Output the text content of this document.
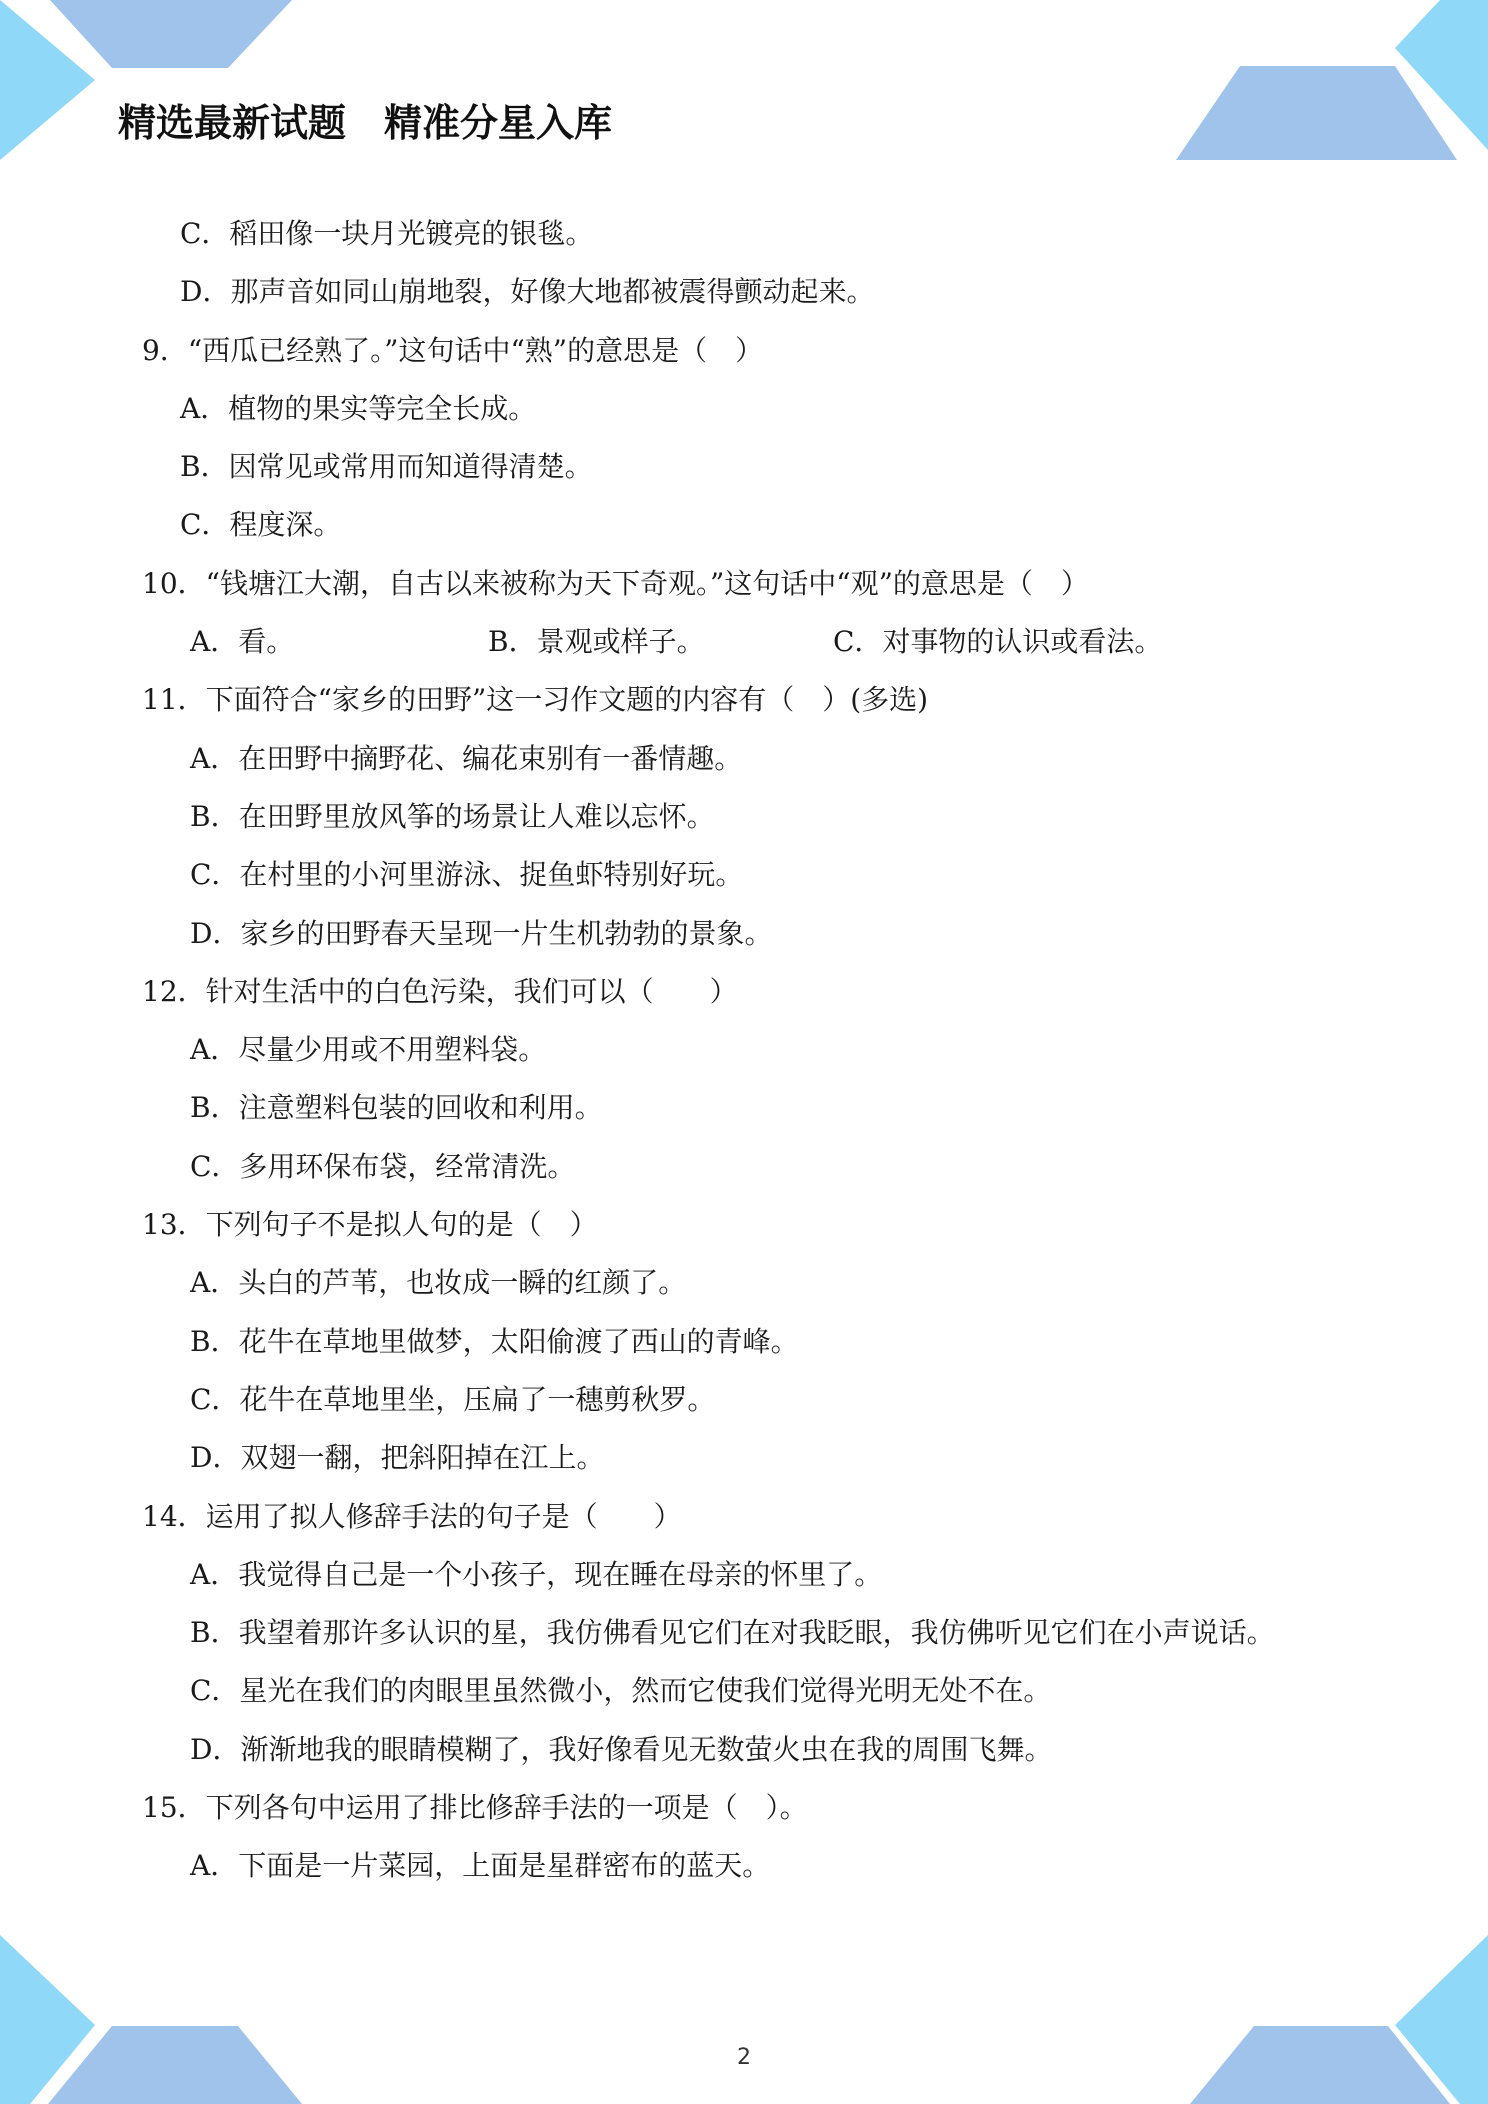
精选最新试题　精准分星入库
C．稻田像一块月光镀亮的银毯。
D．那声音如同山崩地裂，好像大地都被震得颤动起来。
9．“西瓜已经熟了。”这句话中“熟”的意思是（　）
A．植物的果实等完全长成。
B．因常见或常用而知道得清楚。
C．程度深。
10．“钱塘江大潮，自古以来被称为天下奇观。”这句话中“观”的意思是（　）

A．看。

	B．景观或样子。

	C．对事物的认识或看法。

11．下面符合“家乡的田野”这一习作文题的内容有（　）(多选)
A．在田野中摘野花、编花束别有一番情趣。
B．在田野里放风筝的场景让人难以忘怀。
C．在村里的小河里游泳、捉鱼虾特别好玩。
D．家乡的田野春天呈现一片生机勃勃的景象。
12．针对生活中的白色污染，我们可以（　　）
A．尽量少用或不用塑料袋。
B．注意塑料包装的回收和利用。
C．多用环保布袋，经常清洗。
13．下列句子不是拟人句的是（　）
A．头白的芦苇，也妆成一瞬的红颜了。
B．花牛在草地里做梦，太阳偷渡了西山的青峰。
C．花牛在草地里坐，压扁了一穗剪秋罗。
D．双翅一翻，把斜阳掉在江上。
14．运用了拟人修辞手法的句子是（　　）
A．我觉得自己是一个小孩子，现在睡在母亲的怀里了。
B．我望着那许多认识的星，我仿佛看见它们在对我眨眼，我仿佛听见它们在小声说话。
C．星光在我们的肉眼里虽然微小，然而它使我们觉得光明无处不在。
D．渐渐地我的眼睛模糊了，我好像看见无数萤火虫在我的周围飞舞。
15．下列各句中运用了排比修辞手法的一项是（　）。
A．下面是一片菜园，上面是星群密布的蓝天。
2
